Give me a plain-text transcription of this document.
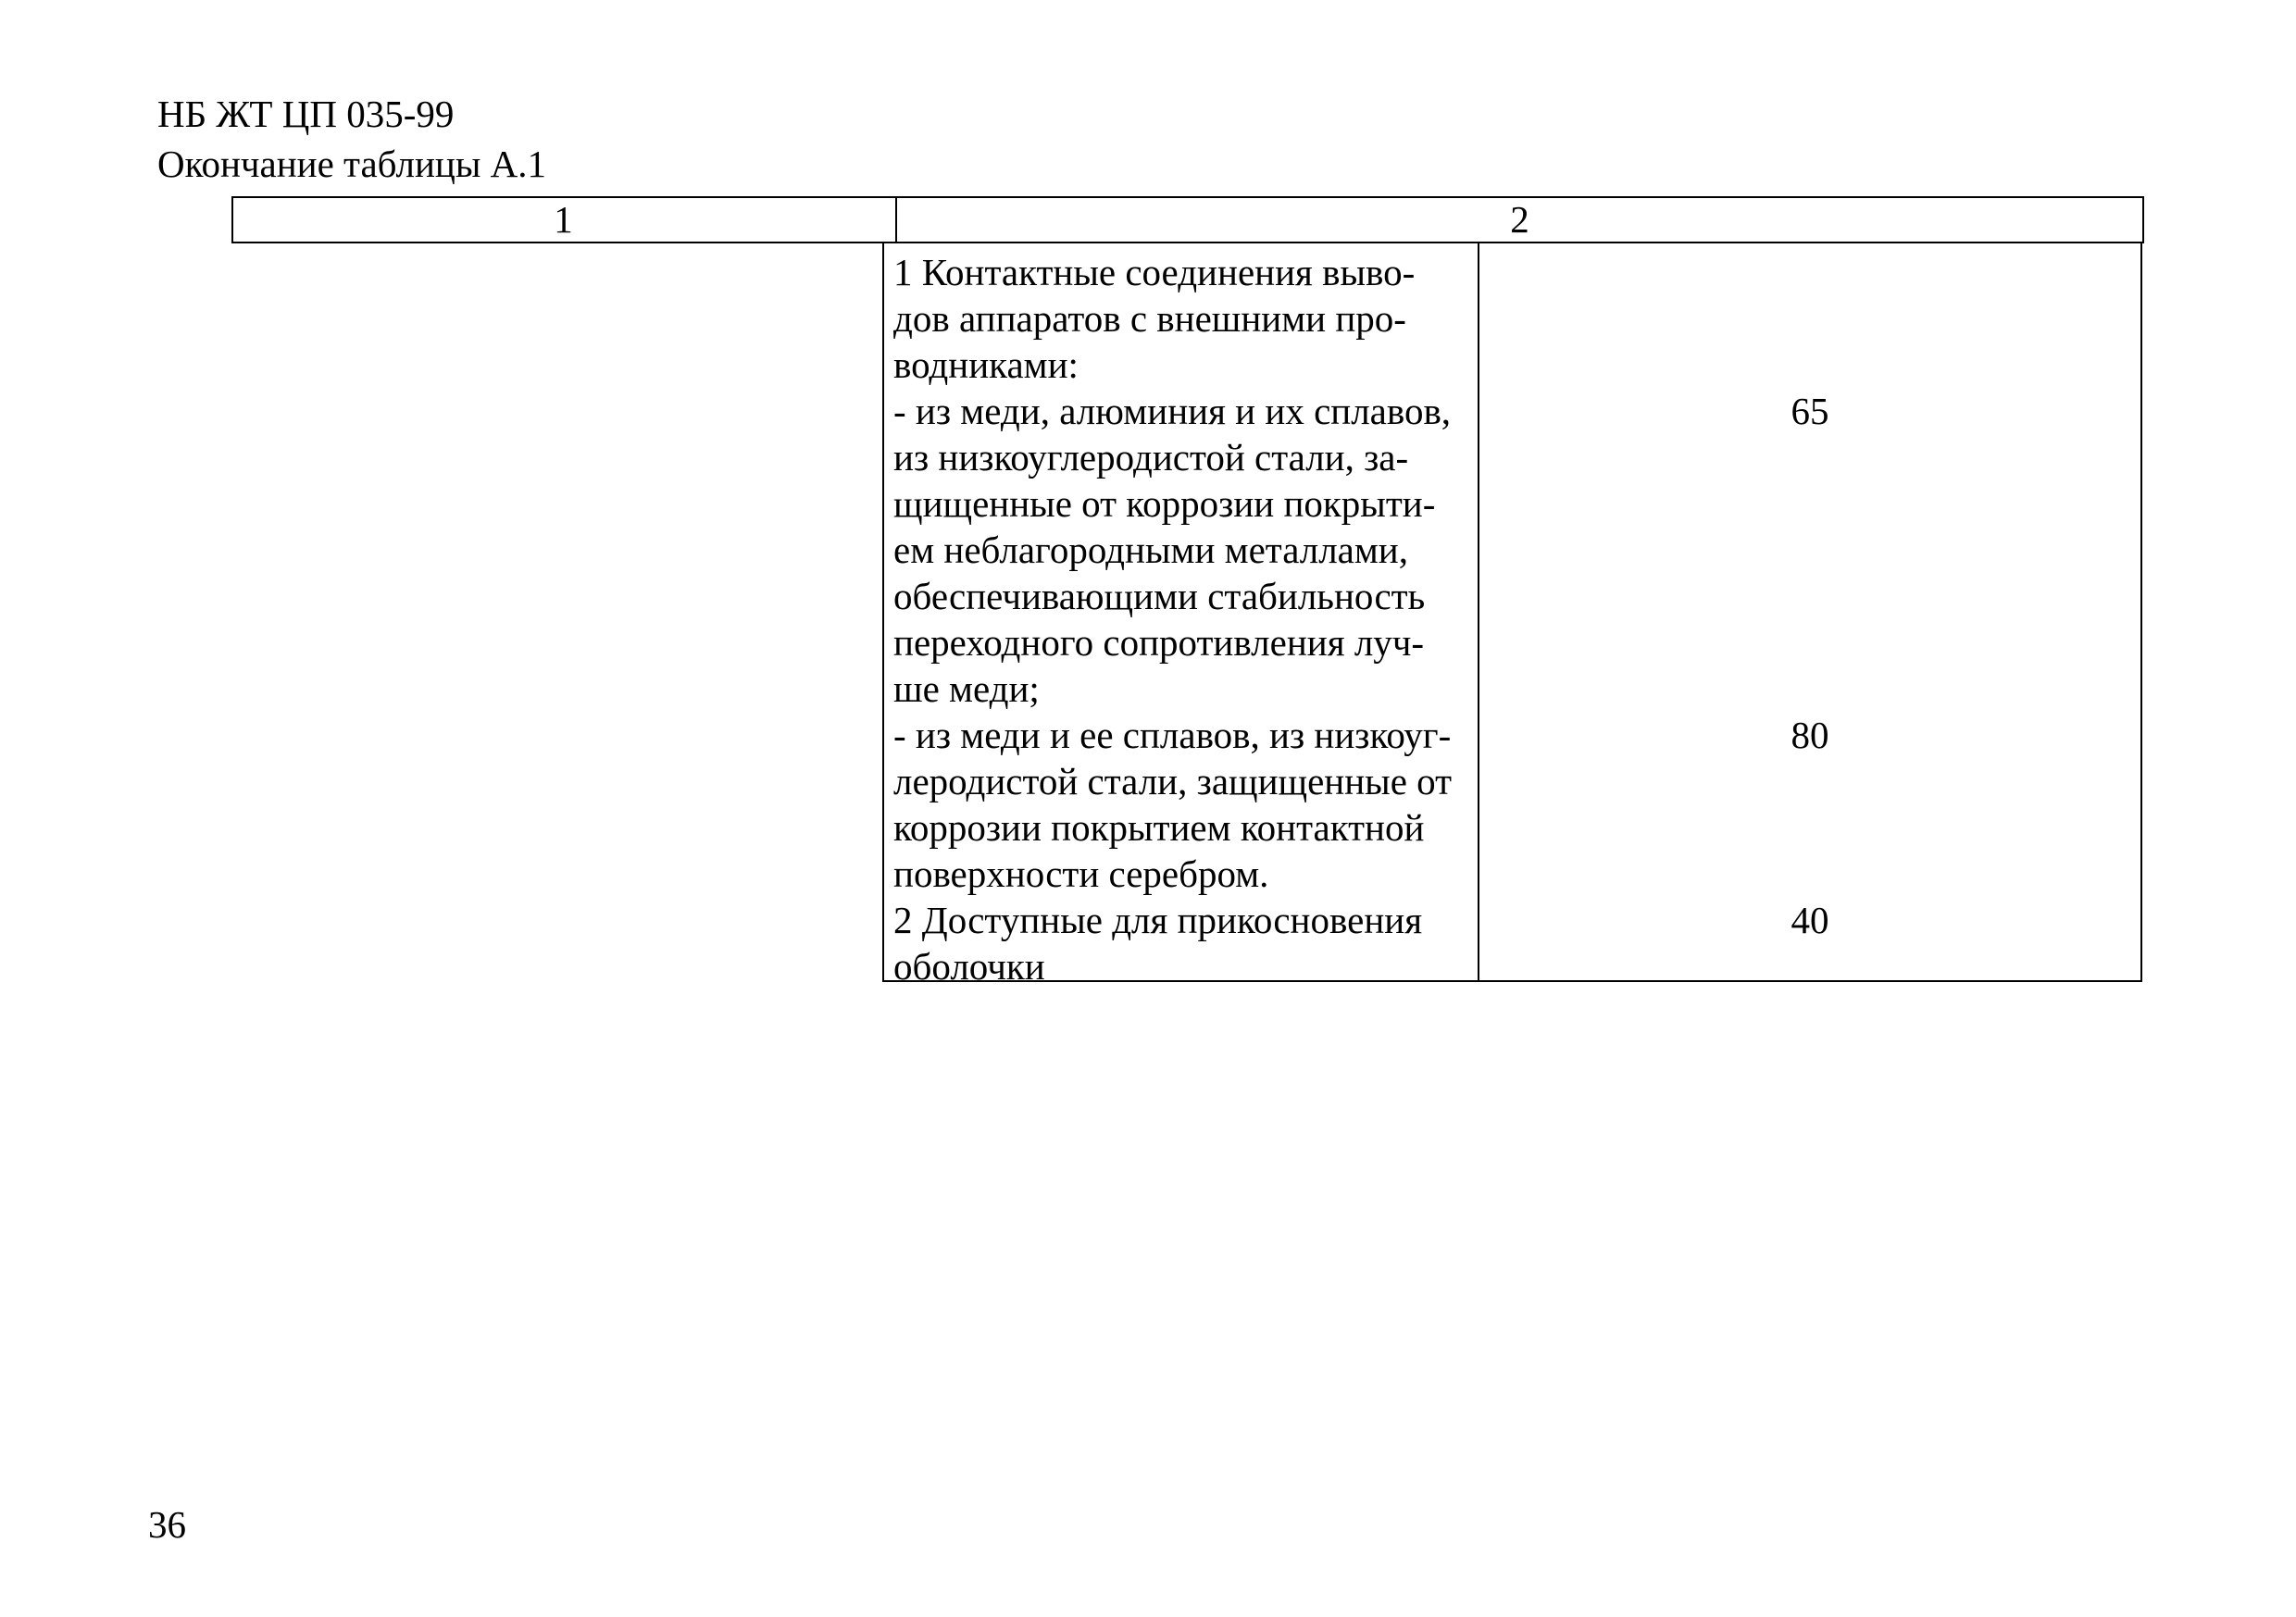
НБ ЖТ ЦП 035-99
Окончание таблицы А.1
1	2

1 Контактные соединения выво-

дов аппаратов с внешними про-

водниками:

- из меди, алюминия и их сплавов,

из низкоуглеродистой стали, за-

щищенные от коррозии покрыти-

ем неблагородными металлами,

обеспечивающими стабильность

переходного сопротивления луч-

ше меди;

- из меди и ее сплавов, из низкоуг-

леродистой стали, защищенные от

коррозии покрытием контактной

поверхности серебром.

2 Доступные для прикосновения

оболочки

65
80
40
36
